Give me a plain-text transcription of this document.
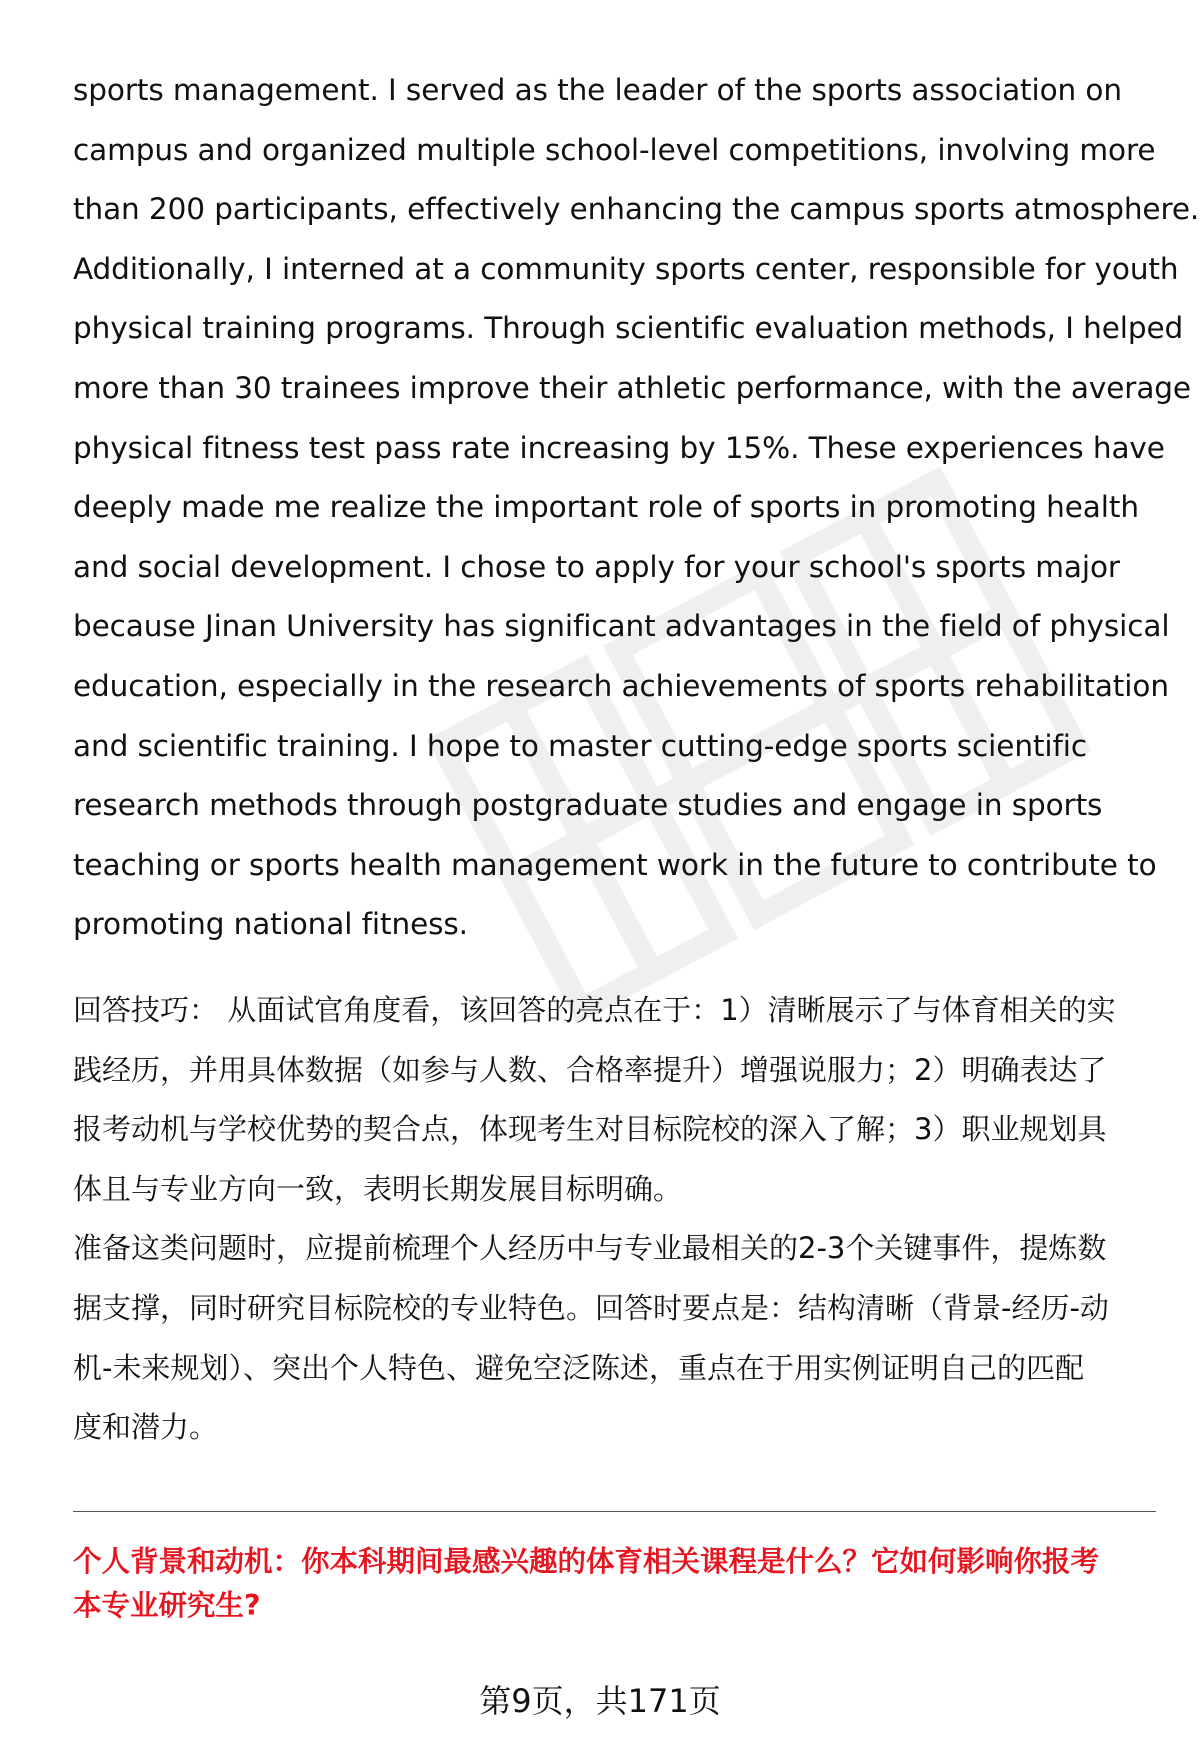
sports management. I served as the leader of the sports association on
campus and organized multiple school-level competitions, involving more
than 200 participants, effectively enhancing the campus sports atmosphere.
Additionally, I interned at a community sports center, responsible for youth
physical training programs. Through scientific evaluation methods, I helped
more than 30 trainees improve their athletic performance, with the average
physical fitness test pass rate increasing by 15%. These experiences have
deeply made me realize the important role of sports in promoting health
and social development. I chose to apply for your school's sports major
because Jinan University has significant advantages in the field of physical
education, especially in the research achievements of sports rehabilitation
and scientific training. I hope to master cutting-edge sports scientific
research methods through postgraduate studies and engage in sports
teaching or sports health management work in the future to contribute to
promoting national fitness.
回答技巧： 从面试官角度看，该回答的亮点在于：1）清晰展示了与体育相关的实
践经历，并用具体数据（如参与人数、合格率提升）增强说服力；2）明确表达了
报考动机与学校优势的契合点，体现考生对目标院校的深入了解；3）职业规划具
体且与专业方向一致，表明长期发展目标明确。
准备这类问题时，应提前梳理个人经历中与专业最相关的2-3个关键事件，提炼数
据支撑，同时研究目标院校的专业特色。回答时要点是：结构清晰（背景-经历-动
机-未来规划）、突出个人特色、避免空泛陈述，重点在于用实例证明自己的匹配
度和潜力。
个人背景和动机：你本科期间最感兴趣的体育相关课程是什么？它如何影响你报考
本专业研究生?
第9页，共171页
